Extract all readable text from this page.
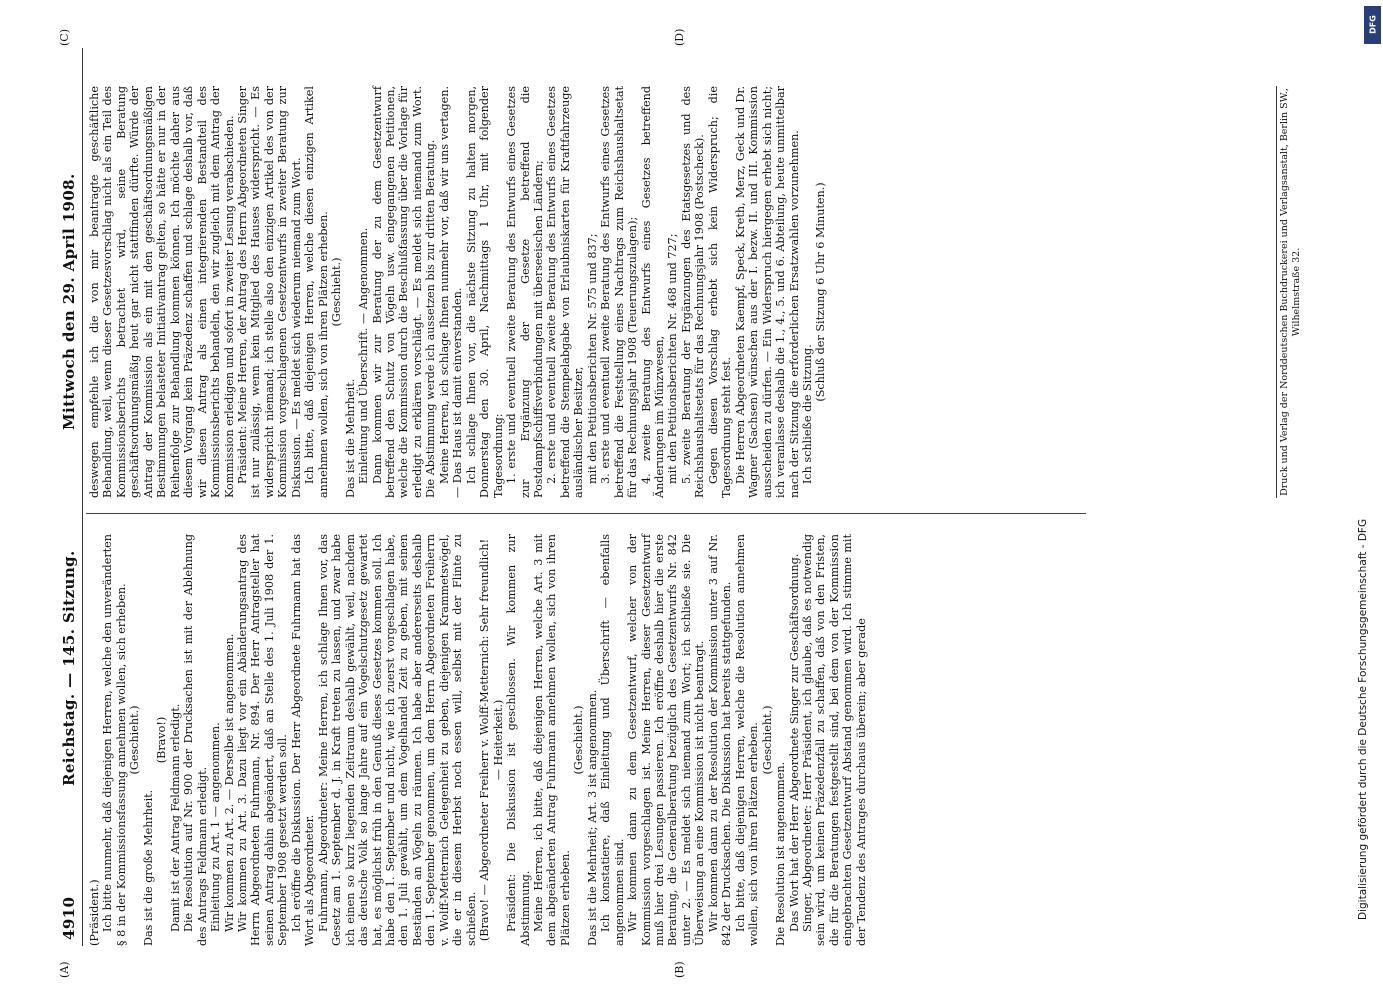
4910
Reichstag. — 145. Sitzung.
Mittwoch den 29. April 1908.
(A)	(B)
(C)	(D)

(Präsident.) Ich bitte nunmehr, daß diejenigen Herren, welche den unveränderten § 8 in der Kommissionsfassung annehmen wollen, sich erheben. (Geschieht.)

Das ist die große Mehrheit.

(Bravo!) Damit ist der Antrag Feldmann erledigt. Die Resolution auf Nr. 900 der Drucksachen ist mit der Ablehnung des Antrags Feldmann erledigt. Einleitung zu Art. 1 — angenommen. Wir kommen zu Art. 2. — Derselbe ist angenommen. Wir kommen zu Art. 3. Dazu liegt vor ein Abänderungsantrag des Herrn Abgeordneten Fuhrmann, Nr. 894. Der Herr Antragsteller hat seinen Antrag dahin abgeändert, daß an Stelle des 1. Juli 1908 der 1. September 1908 gesetzt werden soll. Ich eröffne die Diskussion. Der Herr Abgeordnete Fuhrmann hat das Wort als Abgeordneter. Fuhrmann, Abgeordneter: Meine Herren, ich schlage Ihnen vor, das Gesetz am 1. September d. J. in Kraft treten zu lassen, und zwar habe ich einen so kurz liegenden Zeitraum deshalb gewählt, weil, nachdem das deutsche Volk so lange Jahre auf ein Vogelschutzgesetz gewartet hat, es möglichst früh in den Genuß dieses Gesetzes kommen soll. Ich habe den 1. September und nicht, wie ich zuerst vorgeschlagen habe, den 1. Juli gewählt, um dem Vogelhandel Zeit zu geben, mit seinen Beständen an Vögeln zu räumen. Ich habe aber andererseits deshalb den 1. September genommen, um dem Herrn Abgeordneten Freiherrn v. Wolff-Metternich Gelegenheit zu geben, diejenigen Krammetsvögel, die er in diesem Herbst noch essen will, selbst mit der Flinte zu schießen. (Bravo! — Abgeordneter Freiherr v. Wolff-Metternich: Sehr freundlich! — Heiterkeit.) Präsident: Die Diskussion ist geschlossen. Wir kommen zur Abstimmung. Meine Herren, ich bitte, daß diejenigen Herren, welche Art. 3 mit dem abgeänderten Antrag Fuhrmann annehmen wollen, sich von ihren Plätzen erheben.

(Geschieht.) Das ist die Mehrheit; Art. 3 ist angenommen. Ich konstatiere, daß Einleitung und Überschrift — ebenfalls angenommen sind. Wir kommen dann zu dem Gesetzentwurf, welcher von der Kommission vorgeschlagen ist. Meine Herren, dieser Gesetzentwurf muß hier drei Lesungen passieren. Ich eröffne deshalb hier die erste Beratung, die Generalberatung bezüglich des Gesetzentwurfs Nr. 842 unter 2. — Es meldet sich niemand zum Wort; ich schließe sie. Die Überweisung an eine Kommission ist nicht beantragt. Wir kommen dann zu der Resolution der Kommission unter 3 auf Nr. 842 der Drucksachen. Die Diskussion hat bereits stattgefunden. Ich bitte, daß diejenigen Herren, welche die Resolution annehmen wollen, sich von ihren Plätzen erheben. (Geschieht.)

Die Resolution ist angenommen. Das Wort hat der Herr Abgeordnete Singer zur Geschäftsordnung. Singer, Abgeordneter: Herr Präsident, ich glaube, daß es notwendig sein wird, um keinen Präzedenzfall zu schaffen, daß von den Fristen, die für die Beratungen festgestellt sind, bei dem von der Kommission eingebrachten Gesetzentwurf Abstand genommen wird. Ich stimme mit der Tendenz des Antrages durchaus überein; aber gerade

deswegen empfehle ich die von mir beantragte geschäftliche Behandlung, weil, wenn dieser Gesetzesvorschlag nicht als ein Teil des Kommissionsberichts betrachtet wird, seine Beratung geschäftsordnungsmäßig heut gar nicht stattfinden dürfte. Würde der Antrag der Kommission als ein mit den geschäftsordnungsmäßigen Bestimmungen belasteter Initiativantrag gelten, so hätte er nur in der Reihenfolge zur Behandlung kommen können. Ich möchte daher aus diesem Vorgang kein Präzedenz schaffen und schlage deshalb vor, daß wir diesen Antrag als einen integrierenden Bestandteil des Kommissionsberichts behandeln, den wir zugleich mit dem Antrag der Kommission erledigen und sofort in zweiter Lesung verabschieden. Präsident: Meine Herren, der Antrag des Herrn Abgeordneten Singer ist nur zulässig, wenn kein Mitglied des Hauses widerspricht. — Es widerspricht niemand; ich stelle also den einzigen Artikel des von der Kommission vorgeschlagenen Gesetzentwurfs in zweiter Beratung zur Diskussion. — Es meldet sich wiederum niemand zum Wort. Ich bitte, daß diejenigen Herren, welche diesen einzigen Artikel annehmen wollen, sich von ihren Plätzen erheben. (Geschieht.)

Das ist die Mehrheit. Einleitung und Überschrift. — Angenommen. Dann kommen wir zur Beratung der zu dem Gesetzentwurf betreffend den Schutz von Vögeln usw. eingegangenen Petitionen, welche die Kommission durch die Beschlußfassung über die Vorlage für erledigt zu erklären vorschlägt. — Es meldet sich niemand zum Wort. Die Abstimmung werde ich aussetzen bis zur dritten Beratung. Meine Herren, ich schlage Ihnen nunmehr vor, daß wir uns vertagen. — Das Haus ist damit einverstanden. Ich schlage Ihnen vor, die nächste Sitzung zu halten morgen, Donnerstag den 30. April, Nachmittags 1 Uhr, mit folgender Tagesordnung: 1. erste und eventuell zweite Beratung des Entwurfs eines Gesetzes zur Ergänzung der Gesetze betreffend die Postdampfschiffsverbindungen mit überseeischen Ländern; 2. erste und eventuell zweite Beratung des Entwurfs eines Gesetzes betreffend die Stempelabgabe von Erlaubniskarten für Kraftfahrzeuge ausländischer Besitzer, mit den Petitionsberichten Nr. 575 und 837; 3. erste und eventuell zweite Beratung des Entwurfs eines Gesetzes betreffend die Feststellung eines Nachtrags zum Reichshaushaltsetat für das Rechnungsjahr 1908 (Teuerungszulagen); 4. zweite Beratung des Entwurfs eines Gesetzes betreffend Änderungen im Münzwesen, mit den Petitionsberichten Nr. 468 und 727; 5. zweite Beratung der Ergänzungen des Etatsgesetzes und des Reichshaushaltsetats für das Rechnungsjahr 1908 (Postscheck). Gegen diesen Vorschlag erhebt sich kein Widerspruch; die Tagesordnung steht fest. Die Herren Abgeordneten Kaempf, Speck, Kreth, Merz, Geck und Dr. Wagner (Sachsen) wünschen aus der I. bezw. II. und III. Kommission ausscheiden zu dürfen. — Ein Widerspruch hiergegen erhebt sich nicht; ich veranlasse deshalb die 1., 4., 5. und 6. Abteilung, heute unmittelbar nach der Sitzung die erforderlichen Ersatzwahlen vorzunehmen. Ich schließe die Sitzung.

(Schluß der Sitzung 6 Uhr 6 Minuten.)	Druck und Verlag der Norddeutschen Buchdruckerei und Verlagsanstalt, Berlin SW., Wilhelmstraße 32.
Digitalisierung gefördert durch die Deutsche Forschungsgemeinschaft - DFG
DFG
